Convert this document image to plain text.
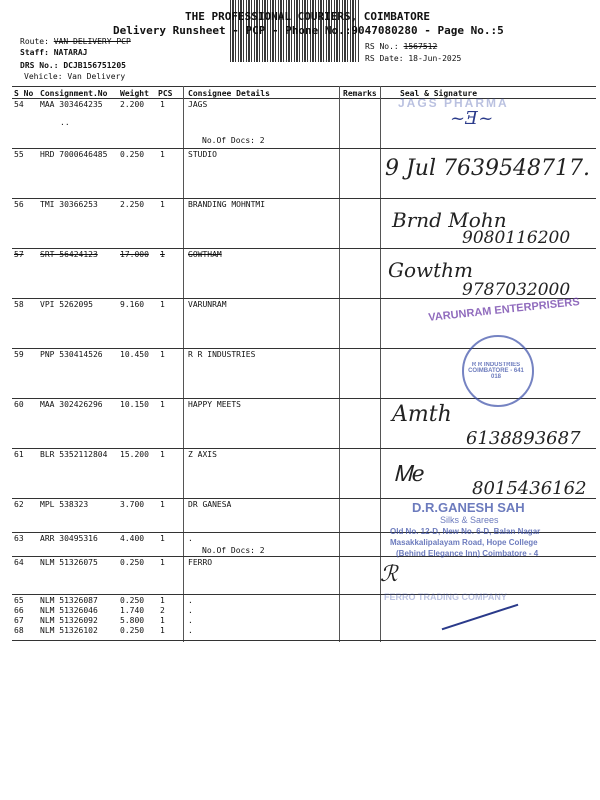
THE PROFESSIONAL COURIERS, COIMBATORE
Delivery Runsheet - PCP - Phone No.:9047080280 - Page No.:5
Route: VAN DELIVERY PCP
Staff: NATARAJ
DRS No.: DCJB156751205
Vehicle: Van Delivery
RS No.: 1567512
RS Date: 18-Jun-2025
S No Consignment.No Weight PCS Consignee Details	Remarks	Seal & Signature
54 MAA 303464235 2.200 1	JAGS
No.Of Docs: 2
..
55 HRD 7000646485 0.250 1	STUDIO
56 TMI 30366253	2.250 1	BRANDING MOHNTMI
57 SRT 56424123	17.000 1	GOWTHAM
58 VPI 5262095	9.160 1	VARUNRAM
59 PNP 530414526 10.450 1	R R INDUSTRIES
60 MAA 302426296 10.150 1	HAPPY MEETS
61 BLR 5352112804 15.200 1	Z AXIS
62 MPL 538323	3.700 1	DR GANESA
63 ARR 30495316	4.400 1	.
No.Of Docs: 2
64 NLM 51326075	0.250 1	FERRO
65 NLM 51326087	0.250 1	.
66 NLM 51326046	1.740 2	.
67 NLM 51326092	5.800 1	.
68 NLM 51326102	0.250 1	.
JAGS PHARMA
~Ǝ~
9 Jul 7639548717.
Brnd Mohn
9080116200
Gowthm
9787032000
VARUNRAM ENTERPRISERS
R R INDUSTRIES COIMBATORE - 641 018
Amth
6138893687
Ꮇe
8015436162
D.R.GANESH SAH
Silks & Sarees
Old No. 12-D, New No. 6-D, Balan Nagar
Masakkalipalayam Road, Hope College
(Behind Elegance Inn) Coimbatore - 4
ℛ
FERRO TRADING COMPANY
